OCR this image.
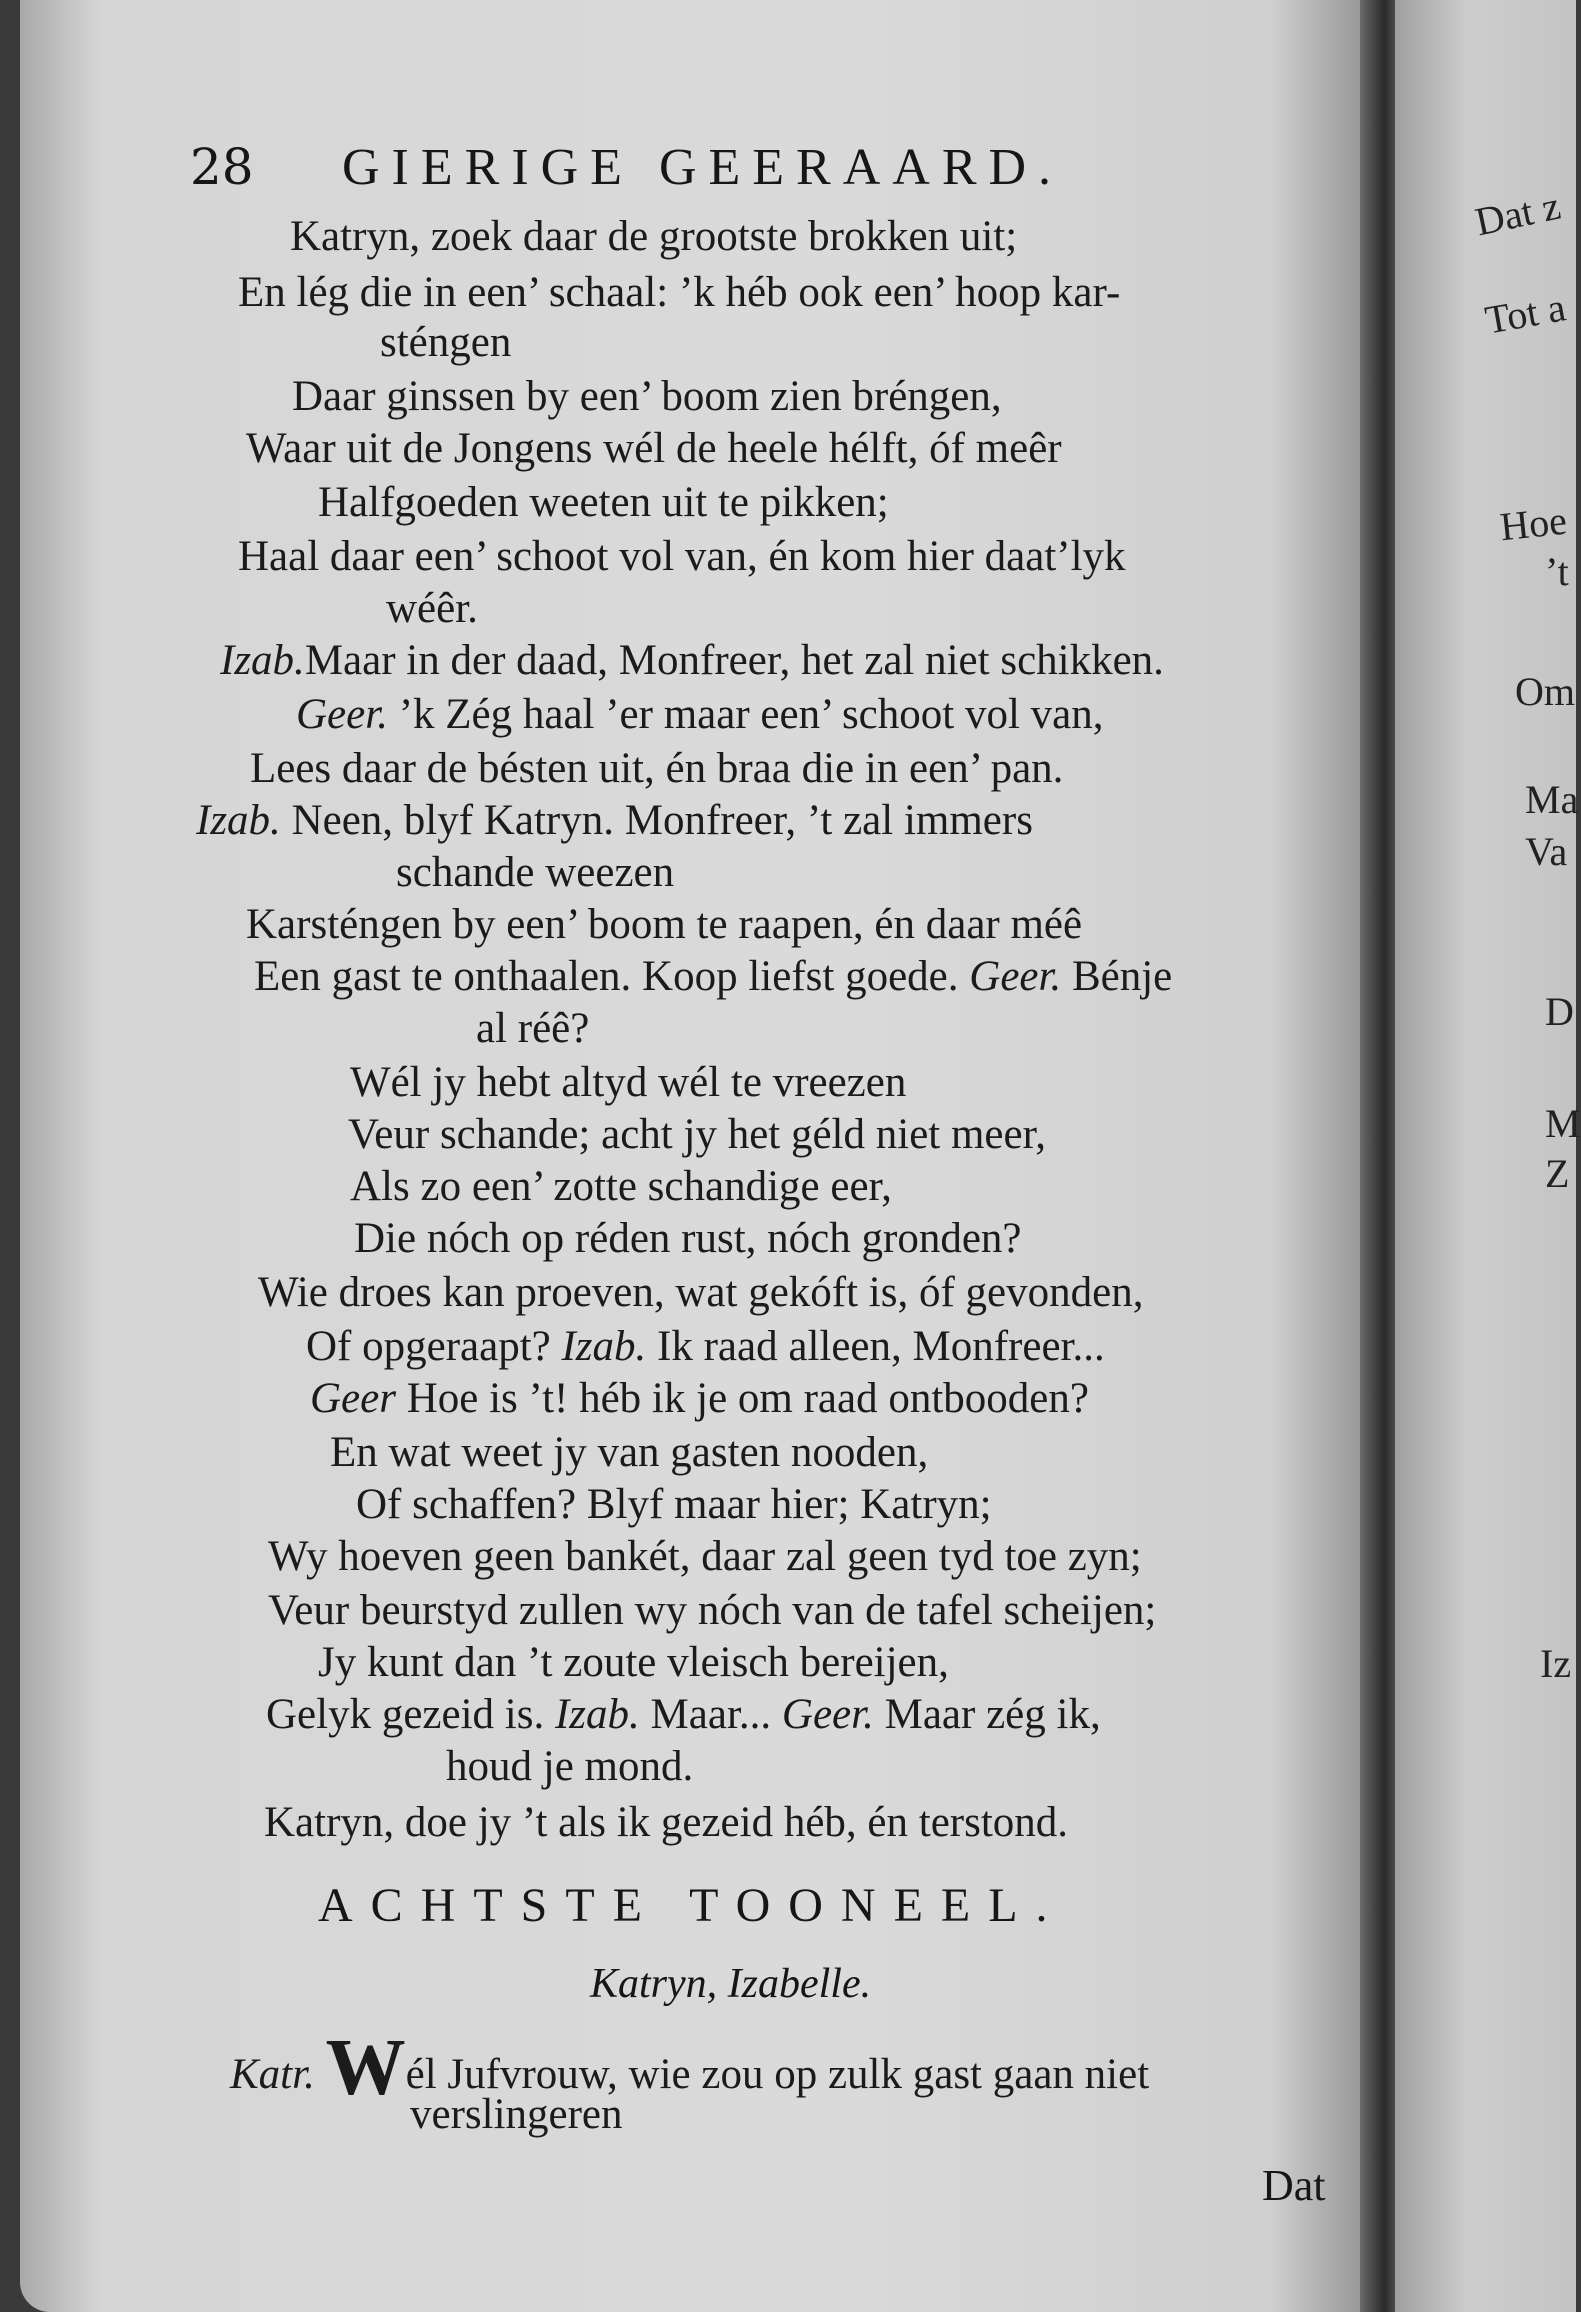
Dat z
Tot a
Hoe
’t
Om
Ma
Va
D
M
Z
Iz
28 GIERIGE GEERAARD.
Katryn, zoek daar de grootste brokken uit;
En lég die in een’ schaal: ’k héb ook een’ hoop kar-
sténgen
Daar ginssen by een’ boom zien bréngen,
Waar uit de Jongens wél de heele hélft, óf meêr
Halfgoeden weeten uit te pikken;
Haal daar een’ schoot vol van, én kom hier daat’lyk
wéêr.
Izab.Maar in der daad, Monfreer, het zal niet schikken.
Geer. ’k Zég haal ’er maar een’ schoot vol van,
Lees daar de bésten uit, én braa die in een’ pan.
Izab. Neen, blyf Katryn. Monfreer, ’t zal immers
schande weezen
Karsténgen by een’ boom te raapen, én daar méê
Een gast te onthaalen. Koop liefst goede. Geer. Bénje
al réê?
Wél jy hebt altyd wél te vreezen
Veur schande; acht jy het géld niet meer,
Als zo een’ zotte schandige eer,
Die nóch op réden rust, nóch gronden?
Wie droes kan proeven, wat gekóft is, óf gevonden,
Of opgeraapt? Izab. Ik raad alleen, Monfreer...
Geer Hoe is ’t! héb ik je om raad ontbooden?
En wat weet jy van gasten nooden,
Of schaffen? Blyf maar hier; Katryn;
Wy hoeven geen bankét, daar zal geen tyd toe zyn;
Veur beurstyd zullen wy nóch van de tafel scheijen;
Jy kunt dan ’t zoute vleisch bereijen,
Gelyk gezeid is. Izab. Maar... Geer. Maar zég ik,
houd je mond.
Katryn, doe jy ’t als ik gezeid héb, én terstond.
ACHTSTE TOONEEL.
Katryn, Izabelle.
Katr. Wél Jufvrouw, wie zou op zulk gast gaan niet
verslingeren
Dat
